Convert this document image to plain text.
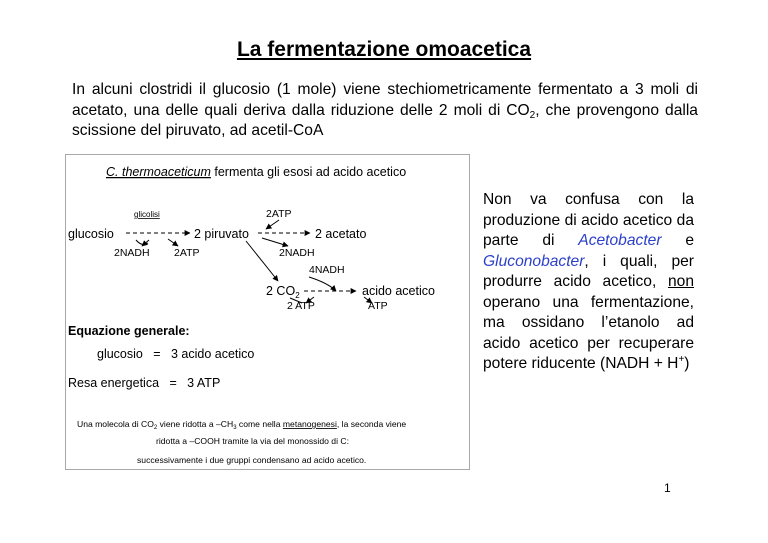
La fermentazione omoacetica
In alcuni clostridi il glucosio (1 mole) viene stechiometricamente fermentato a 3 moli di acetato, una delle quali deriva dalla riduzione delle 2 moli di $CO_2$, che provengono dalla scissione del piruvato, ad acetil-CoA
C. thermoaceticum fermenta gli esosi ad acido acetico
glicolisi	2ATP
glucosio	2 piruvato	2 acetato
2NADH 2ATP	2NADH
4NADH
2 $CO_2$	acido acetico
2 ATP	ATP
Equazione generale:
glucosio   =   3 acido acetico
Resa energetica   =   3 ATP
Una molecola di $CO_2$ viene ridotta a $-CH_3$ come nella metanogenesi, la seconda viene
ridotta a –COOH tramite la via del monossido di C:
successivamente i due gruppi condensano ad acido acetico.
Non va confusa con la produzione di acido acetico da parte di Acetobacter e Gluconobacter, i quali, per produrre acido acetico, non operano una fermentazione, ma ossidano l’etanolo ad acido acetico per recuperare potere riducente (NADH + H+)
1
